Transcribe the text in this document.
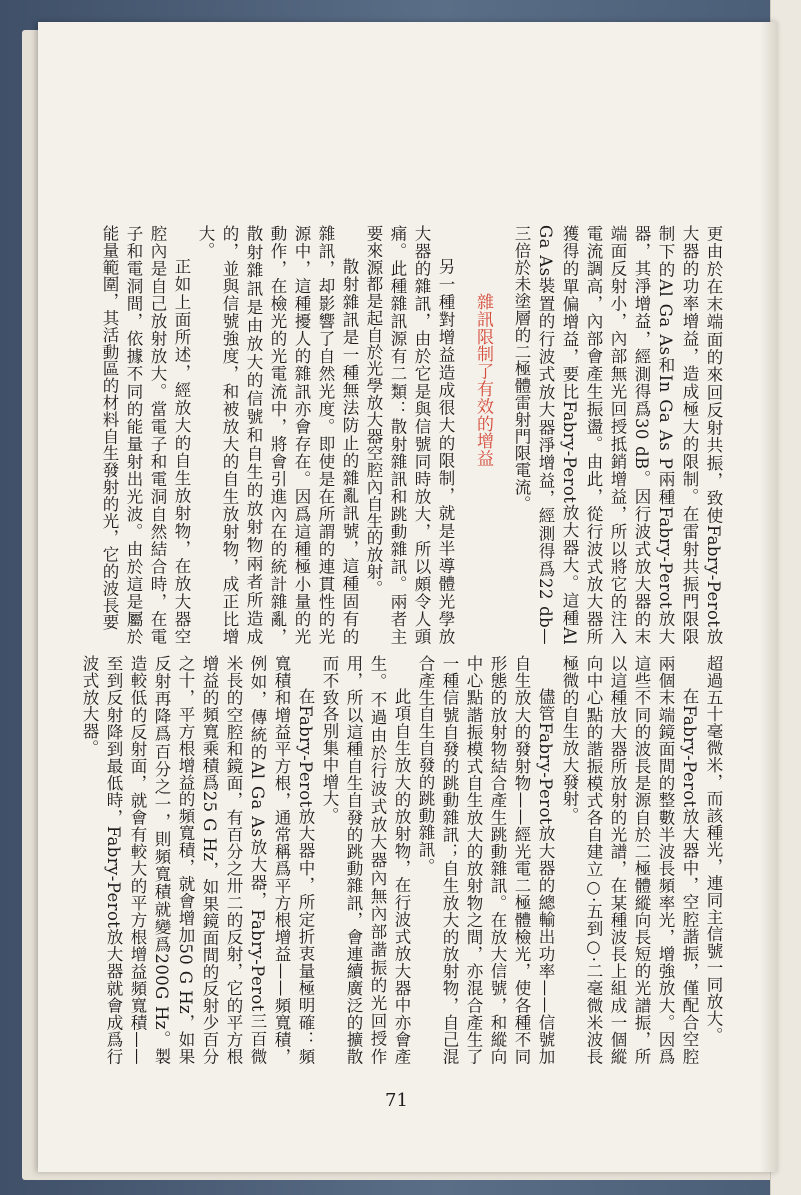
更由於在末端面的來回反射共振，致使Fabry-Perot放大器的功率增益，造成極大的限制。在雷射共振門限限制下的Al Ga As和In Ga As P兩種Fabry-Perot放大器，其淨增益，經測得爲30 dB。因行波式放大器的末端面反射小，內部無光回授抵銷增益，所以將它的注入電流調高，內部會產生振盪。由此，從行波式放大器所獲得的單偏增益，要比Fabry-Perot放大器大。這種Al Ga As裝置的行波式放大器淨增益，經測得爲22 db—三倍於未塗層的二極體雷射門限電流。

雜訊限制了有效的增益

另一種對增益造成很大的限制，就是半導體光學放大器的雜訊，由於它是與信號同時放大，所以頗令人頭痛。此種雜訊源有二類：散射雜訊和跳動雜訊。兩者主要來源都是起自於光學放大器空腔內自生的放射。

散射雜訊是一種無法防止的雜亂訊號，這種固有的雜訊，却影響了自然光度。即使是在所謂的連貫性的光源中，這種擾人的雜訊亦會存在。因爲這種極小量的光動作，在檢光的光電流中，將會引進內在的統計雜亂，散射雜訊是由放大的信號和自生的放射物兩者所造成的，並與信號強度，和被放大的自生放射物，成正比增大。

正如上面所述，經放大的自生放射物，在放大器空腔內是自己放射放大。當電子和電洞自然結合時，在電子和電洞間，依據不同的能量射出光波。由於這是屬於能量範圍，其活動區的材料自生發射的光，它的波長要

超過五十毫微米，而該種光，連同主信號一同放大。

在Fabry-Perot放大器中，空腔諧振，僅配合空腔兩個末端鏡面間的整數半波長頻率光，增強放大。因爲這些不同的波長是源自於二極體縱向長短的光譜振，所以這種放大器所放射的光譜，在某種波長上組成一個縱向中心點的諧振模式各自建立○‧五到○‧二毫微米波長極微的自生放大發射。

儘管Fabry-Perot放大器的總輸出功率——信號加自生放大的發射物——經光電二極體檢光，使各種不同形態的放射物結合產生跳動雜訊。在放大信號，和縱向中心點諧振模式自生放大的放射物之間，亦混合產生了一種信號自發的跳動雜訊；自生放大的放射物，自己混合產生自生自發的跳動雜訊。

此項自生放大的放射物，在行波式放大器中亦會產生。不過由於行波式放大器內無內部諧振的光回授作用，所以這種自生自發的跳動雜訊，會連續廣泛的擴散而不致各別集中增大。

在Fabry-Perot放大器中，所定折衷量極明確：頻寬積和增益平方根，通常稱爲平方根增益——頻寬積，例如，傳統的Al Ga As放大器，Fabry-Perot三百微米長的空腔和鏡面，有百分之卅二的反射，它的平方根增益的頻寬乘積爲25 G Hz，如果鏡面間的反射少百分之十，平方根增益的頻寬積，就會增加50 G Hz，如果反射再降爲百分之一，則頻寬積就變爲200G Hz。製造較低的反射面，就會有較大的平方根增益頻寬積——至到反射降到最低時，Fabry-Perot放大器就會成爲行波式放大器。

71
